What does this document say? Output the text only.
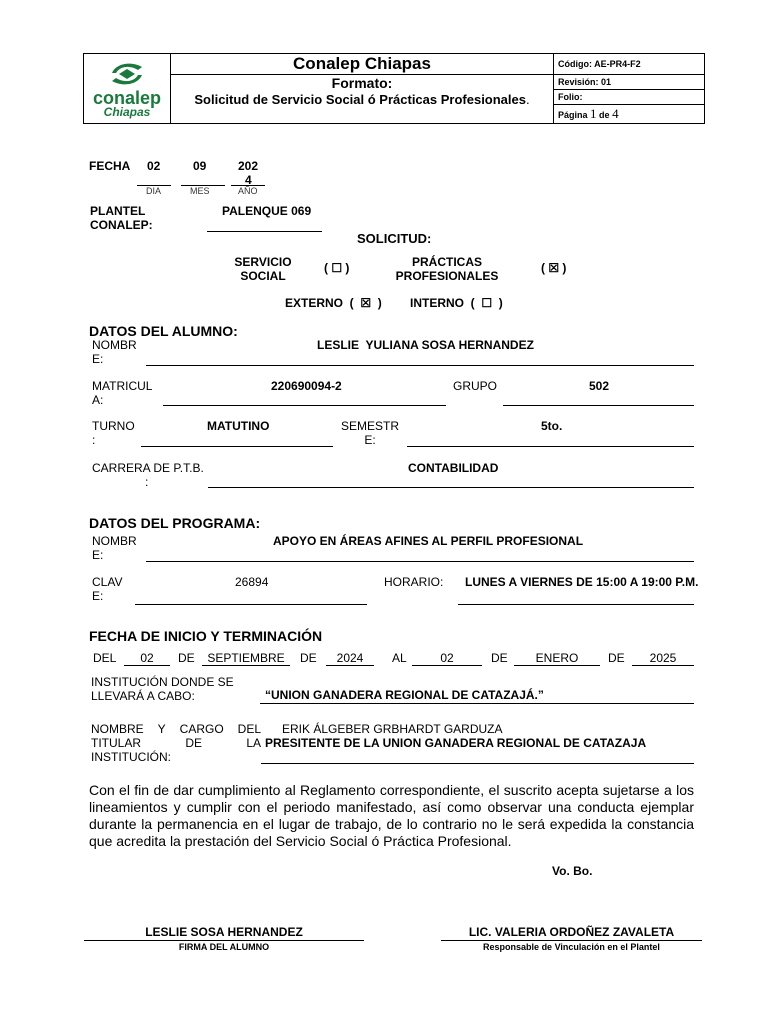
conalep
Chiapas	Conalep Chiapas	Código: AE-PR4-F2

	Formato:
Solicitud de Servicio Social ó Prácticas Profesionales.	Revisión: 01
		Folio:
		Página 1 de 4
FECHA 02	09	202
4
DIA	MES	AÑO
PLANTEL
CONALEP:
PALENQUE 069
SOLICITUD:
SERVICIO
SOCIAL
( ☐ )	PRÁCTICAS
PROFESIONALES
( ☒ )
EXTERNO  (  ☒  ) INTERNO  (  ☐  )
DATOS DEL ALUMNO:
NOMBR
E:
LESLIE  YULIANA SOSA HERNANDEZ
MATRICUL
A:
220690094-2	GRUPO	502
TURNO
:
MATUTINO	SEMESTR
E:
5to.
CARRERA DE P.T.B.
:
CONTABILIDAD
DATOS DEL PROGRAMA:
NOMBR
E:
APOYO EN ÁREAS AFINES AL PERFIL PROFESIONAL
CLAV
E:
26894	HORARIO: LUNES A VIERNES DE 15:00 A 19:00 P.M.
FECHA DE INICIO Y TERMINACIÓN
DEL	02	DE	SEPTIEMBRE	DE	2024	AL	02	DE	ENERO	DE	2025
INSTITUCIÓN DONDE SE
LLEVARÁ A CABO:	“UNION GANADERA REGIONAL DE CATAZAJÁ.”
NOMBRE Y CARGO DEL
TITULAR	DE	LA
INSTITUCIÓN:
ERIK ÁLGEBER GRBHARDT GARDUZA
PRESITENTE DE LA UNION GANADERA REGIONAL DE CATAZAJA
Con el fin de dar cumplimiento al Reglamento correspondiente, el suscrito acepta sujetarse a los
lineamientos y cumplir con el periodo manifestado, así como observar una conducta ejemplar
durante la permanencia en el lugar de trabajo, de lo contrario no le será expedida la constancia
que acredita la prestación del Servicio Social ó Práctica Profesional.
Vo. Bo.
LESLIE SOSA HERNANDEZ
FIRMA DEL ALUMNO
LIC. VALERIA ORDOÑEZ ZAVALETA
Responsable de Vinculación en el Plantel
